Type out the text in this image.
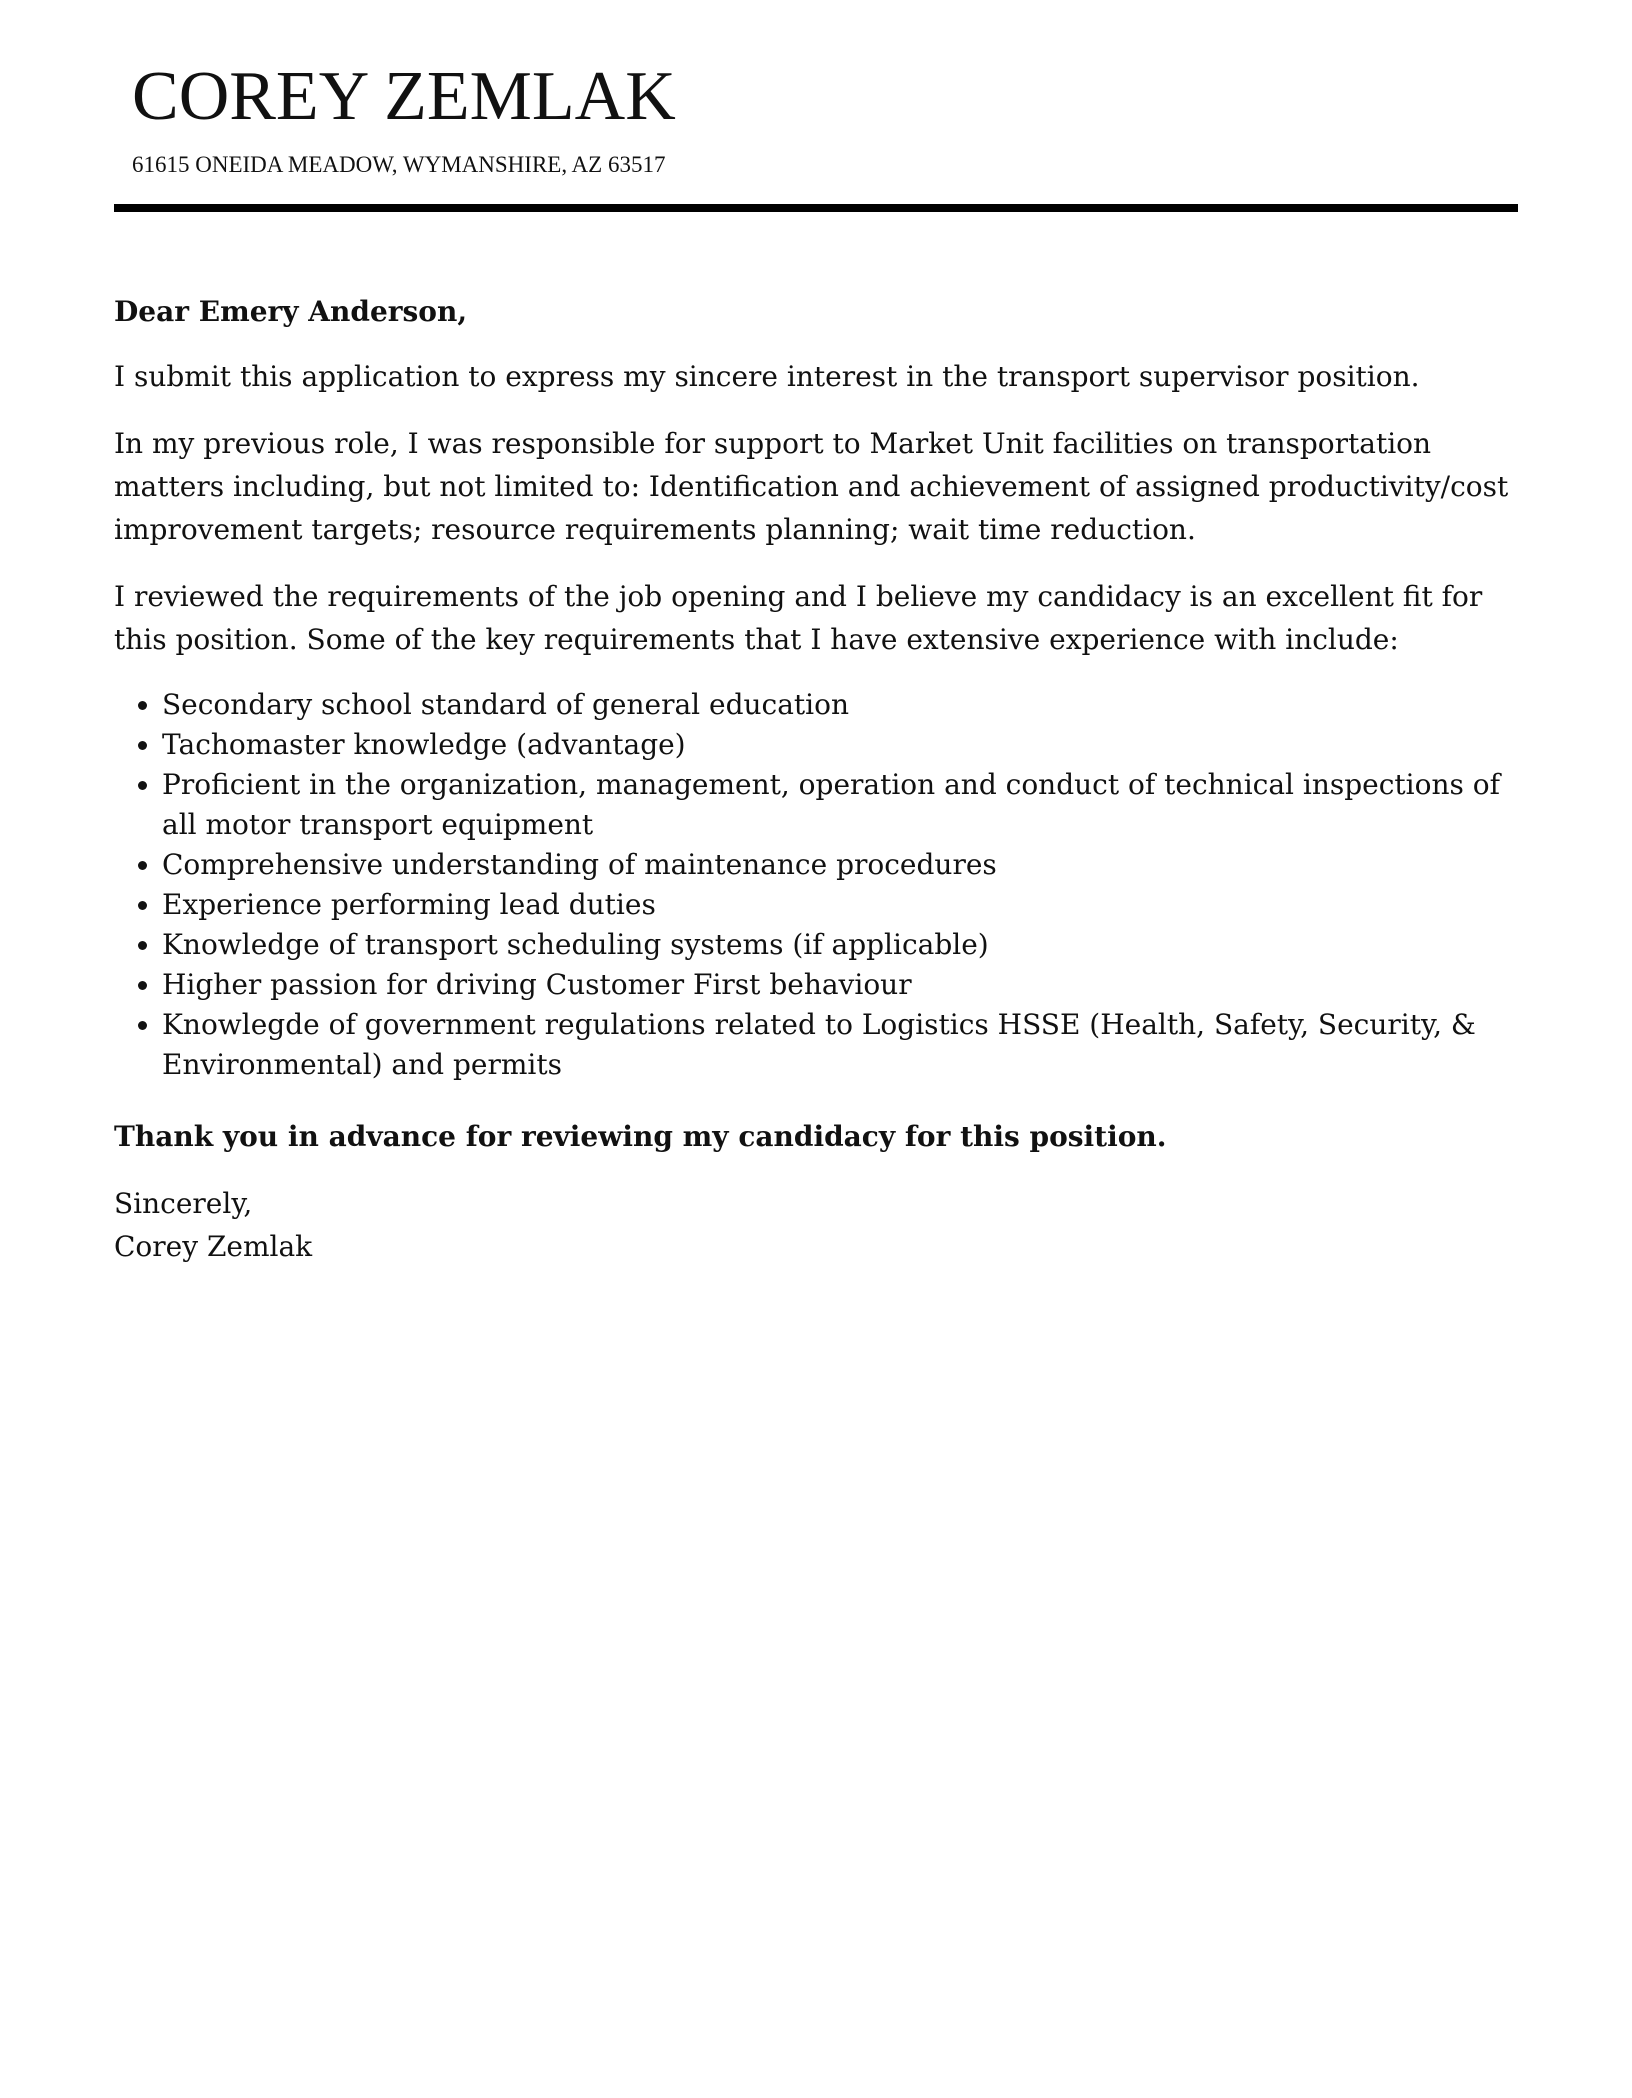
COREY ZEMLAK
61615 ONEIDA MEADOW, WYMANSHIRE, AZ 63517

Dear Emery Anderson,

I submit this application to express my sincere interest in the transport supervisor position.

In my previous role, I was responsible for support to Market Unit facilities on transportation matters including, but not limited to: Identification and achievement of assigned productivity/cost improvement targets; resource requirements planning; wait time reduction.

I reviewed the requirements of the job opening and I believe my candidacy is an excellent fit for this position. Some of the key requirements that I have extensive experience with include:

• Secondary school standard of general education
• Tachomaster knowledge (advantage)
• Proficient in the organization, management, operation and conduct of technical inspections of all motor transport equipment
• Comprehensive understanding of maintenance procedures
• Experience performing lead duties
• Knowledge of transport scheduling systems (if applicable)
• Higher passion for driving Customer First behaviour
• Knowlegde of government regulations related to Logistics HSSE (Health, Safety, Security, & Environmental) and permits

Thank you in advance for reviewing my candidacy for this position.

Sincerely,
Corey Zemlak
